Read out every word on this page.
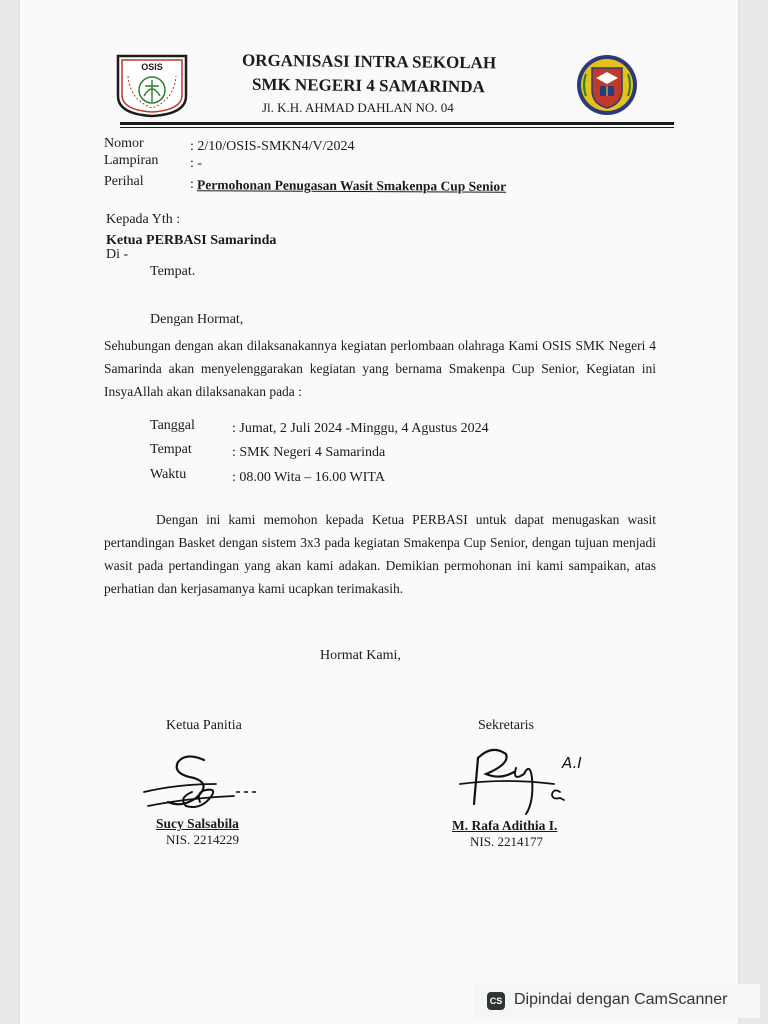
OSIS	ORGANISASI INTRA SEKOLAH
SMK NEGERI 4 SAMARINDA
Jl. K.H. AHMAD DAHLAN NO. 04
Nomor	: 2/10/OSIS-SMKN4/V/2024
Lampiran : -
Perihal	: Permohonan Penugasan Wasit Smakenpa Cup Senior
Kepada Yth :
Ketua PERBASI Samarinda
Di -
Tempat.
Dengan Hormat,
Sehubungan dengan akan dilaksanakannya kegiatan perlombaan olahraga Kami OSIS SMK Negeri 4 Samarinda akan menyelenggarakan kegiatan yang bernama Smakenpa Cup Senior, Kegiatan ini InsyaAllah akan dilaksanakan pada :
Tanggal	: Jumat, 2 Juli 2024 -Minggu, 4 Agustus 2024
Tempat	: SMK Negeri 4 Samarinda
Waktu	: 08.00 Wita – 16.00 WITA
Dengan ini kami memohon kepada Ketua PERBASI untuk dapat menugaskan wasit pertandingan Basket dengan sistem 3x3 pada kegiatan Smakenpa Cup Senior, dengan tujuan menjadi wasit pada pertandingan yang akan kami adakan. Demikian permohonan ini kami sampaikan, atas perhatian dan kerjasamanya kami ucapkan terimakasih.
Hormat Kami,
Ketua Panitia	Sekretaris
A.I
Sucy Salsabila
NIS. 2214229
M. Rafa Adithia I.
NIS. 2214177
CS Dipindai dengan CamScanner
